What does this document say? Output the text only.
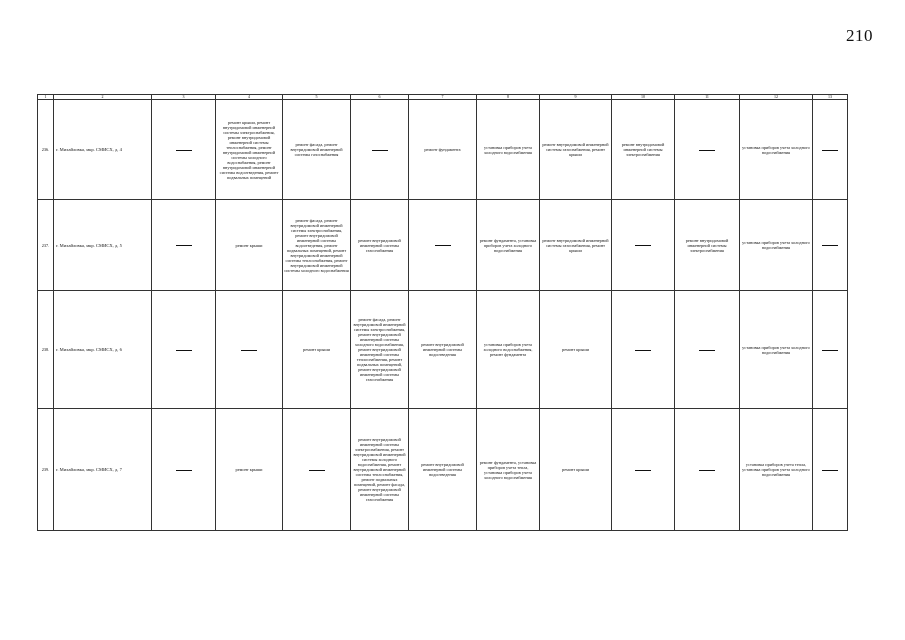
210
1	2	3	4	5	6	7	8	9	10	11	12	13
236.	г. Михайловка, мкр. СМИСХ, д. 4		ремонт крыши, ремонт внутридомовой инженерной системы электроснабжения, ремонт внутридомовой инженерной системы теплоснабжения, ремонт внутридомовой инженерной системы холодного водоснабжения, ремонт внутридомовой инженерной системы водоотведения, ремонт подвальных помещений	ремонт фасада, ремонт внутридомовой инженерной системы газоснабжения		ремонт фундамента	установка приборов учета холодного водоснабжения	ремонт внутридомовой инженерной системы газоснабжения, ремонт крыши	ремонт внутридомовой инженерной системы электроснабжения		установка приборов учета холодного водоснабжения	
237.	г. Михайловка, мкр. СМИСХ, д. 5		ремонт крыши	ремонт фасада, ремонт внутридомовой инженерной системы электроснабжения, ремонт внутридомовой инженерной системы водоотведения, ремонт подвальных помещений, ремонт внутридомовой инженерной системы теплоснабжения, ремонт внутридомовой инженерной системы холодного водоснабжения	ремонт внутридомовой инженерной системы газоснабжения		ремонт фундамента, установка приборов учета холодного водоснабжения	ремонт внутридомовой инженерной системы газоснабжения, ремонт крыши		ремонт внутридомовой инженерной системы электроснабжения	установка приборов учета холодного водоснабжения	
238.	г. Михайловка, мкр. СМИСХ, д. 6			ремонт крыши	ремонт фасада, ремонт внутридомовой инженерной системы электроснабжения, ремонт внутридомовой инженерной системы холодного водоснабжения, ремонт внутридомовой инженерной системы теплоснабжения, ремонт подвальных помещений, ремонт внутридомовой инженерной системы газоснабжения	ремонт внутридомовой инженерной системы водоотведения	установка приборов учета холодного водоснабжения, ремонт фундамента	ремонт крыши			установка приборов учета холодного водоснабжения	
239.	г. Михайловка, мкр. СМИСХ, д. 7		ремонт крыши		ремонт внутридомовой инженерной системы электроснабжения, ремонт внутридомовой инженерной системы холодного водоснабжения, ремонт внутридомовой инженерной системы теплоснабжения, ремонт подвальных помещений, ремонт фасада, ремонт внутридомовой инженерной системы газоснабжения	ремонт внутридомовой инженерной системы водоотведения	ремонт фундамента, установка приборов учета тепла, установка приборов учета холодного водоснабжения	ремонт крыши			установка приборов учета тепла, установка приборов учета холодного водоснабжения	
